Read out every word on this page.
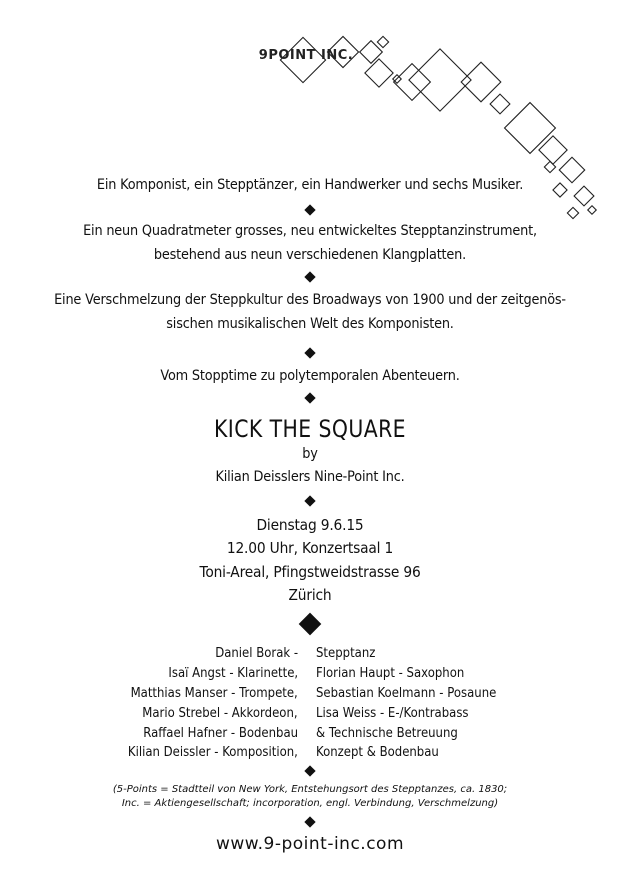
9POINT INC.
Ein Komponist, ein Stepptänzer, ein Handwerker und sechs Musiker.
Ein neun Quadratmeter grosses, neu entwickeltes Stepptanzinstrument,
bestehend aus neun verschiedenen Klangplatten.
Eine Verschmelzung der Steppkultur des Broadways von 1900 und der zeitgenös-
sischen musikalischen Welt des Komponisten.
Vom Stopptime zu polytemporalen Abenteuern.
KICK THE SQUARE
by
Kilian Deisslers Nine-Point Inc.
Dienstag 9.6.15
12.00 Uhr, Konzertsaal 1
Toni-Areal, Pfingstweidstrasse 96
Zürich
Daniel Borak - Stepptanz
Isaï Angst - Klarinette, Florian Haupt - Saxophon
Matthias Manser - Trompete, Sebastian Koelmann - Posaune
Mario Strebel - Akkordeon, Lisa Weiss - E-/Kontrabass
Raffael Hafner - Bodenbau & Technische Betreuung
Kilian Deissler - Komposition, Konzept & Bodenbau
(5-Points = Stadtteil von New York, Entstehungsort des Stepptanzes, ca. 1830;
Inc. = Aktiengesellschaft; incorporation, engl. Verbindung, Verschmelzung)
www.9-point-inc.com
